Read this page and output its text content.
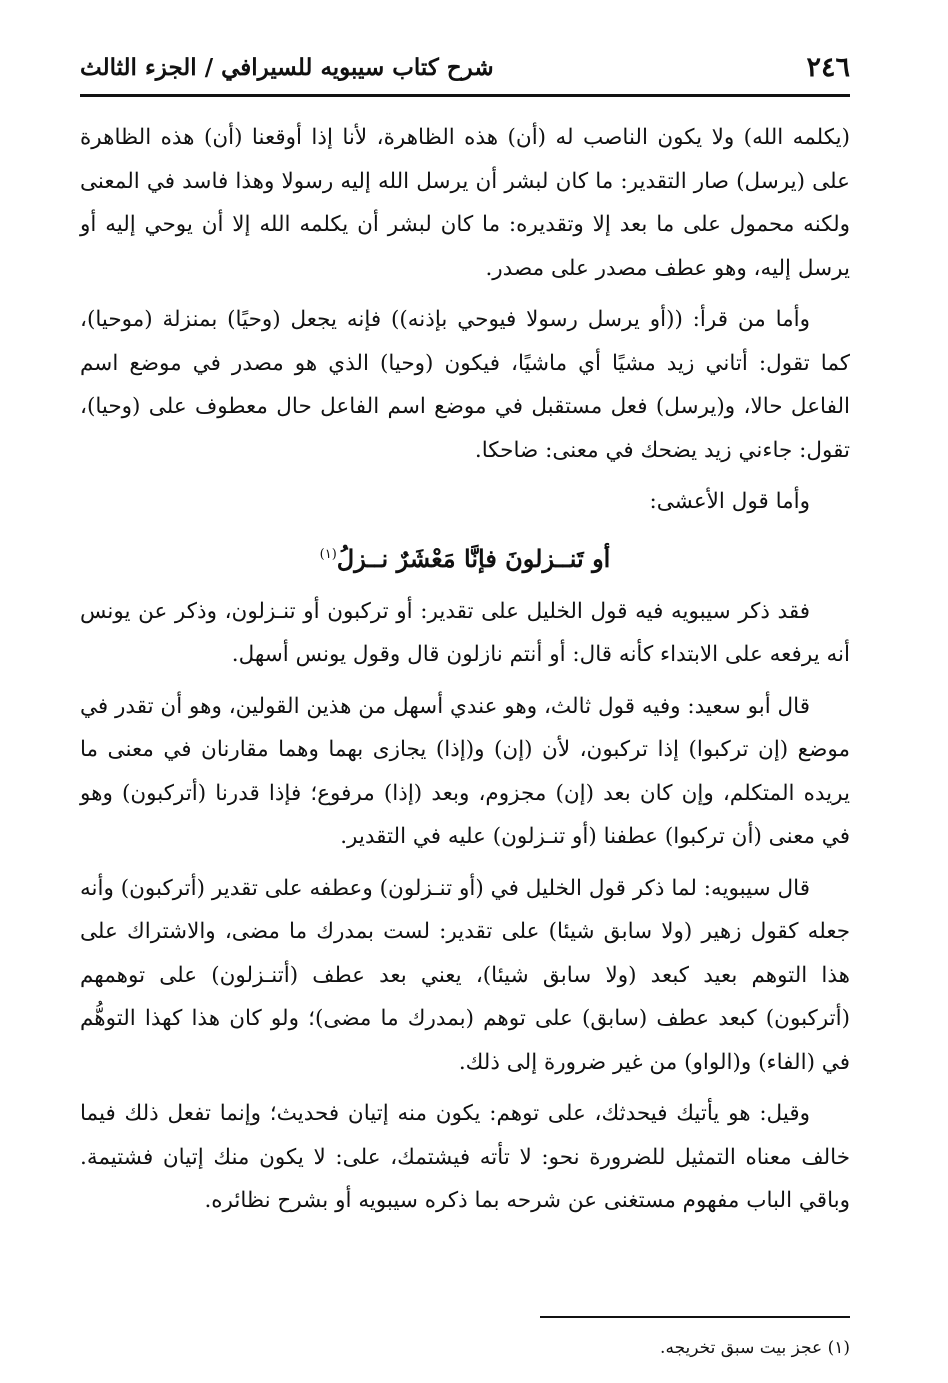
٢٤٦
شرح كتاب سيبويه للسيرافي / الجزء الثالث

(يكلمه الله) ولا يكون الناصب له (أن) هذه الظاهرة، لأنا إذا أوقعنا (أن) هذه الظاهرة على (يرسل) صار التقدير: ما كان لبشر أن يرسل الله إليه رسولا وهذا فاسد في المعنى ولكنه محمول على ما بعد إلا وتقديره: ما كان لبشر أن يكلمه الله إلا أن يوحي إليه أو يرسل إليه، وهو عطف مصدر على مصدر.

وأما من قرأ: ((أو يرسل رسولا فيوحي بإذنه)) فإنه يجعل (وحيًا) بمنزلة (موحيا)، كما تقول: أتاني زيد مشيًا أي ماشيًا، فيكون (وحيا) الذي هو مصدر في موضع اسم الفاعل حالا، و(يرسل) فعل مستقبل في موضع اسم الفاعل حال معطوف على (وحيا)، تقول: جاءني زيد يضحك في معنى: ضاحكا.

وأما قول الأعشى:

أو تَنــزلونَ فإنَّا مَعْشَرٌ نــزلُ$^{(١)}$

فقد ذكر سيبويه فيه قول الخليل على تقدير: أو تركبون أو تنـزلون، وذكر عن يونس أنه يرفعه على الابتداء كأنه قال: أو أنتم نازلون قال وقول يونس أسهل.

قال أبو سعيد: وفيه قول ثالث، وهو عندي أسهل من هذين القولين، وهو أن تقدر في موضع (إن تركبوا) إذا تركبون، لأن (إن) و(إذا) يجازى بهما وهما مقارنان في معنى ما يريده المتكلم، وإن كان بعد (إن) مجزوم، وبعد (إذا) مرفوع؛ فإذا قدرنا (أتركبون) وهو في معنى (أن تركبوا) عطفنا (أو تنـزلون) عليه في التقدير.

قال سيبويه: لما ذكر قول الخليل في (أو تنـزلون) وعطفه على تقدير (أتركبون) وأنه جعله كقول زهير (ولا سابق شيئا) على تقدير: لست بمدرك ما مضى، والاشتراك على هذا التوهم بعيد كبعد (ولا سابق شيئا)، يعني بعد عطف (أتنـزلون) على توهمهم (أتركبون) كبعد عطف (سابق) على توهم (بمدرك ما مضى)؛ ولو كان هذا كهذا التوهُّم في (الفاء) و(الواو) من غير ضرورة إلى ذلك.

وقيل: هو يأتيك فيحدثك، على توهم: يكون منه إتيان فحديث؛ وإنما تفعل ذلك فيما خالف معناه التمثيل للضرورة نحو: لا تأته فيشتمك، على: لا يكون منك إتيان فشتيمة. وباقي الباب مفهوم مستغنى عن شرحه بما ذكره سيبويه أو بشرح نظائره.

(١) عجز بيت سبق تخريجه.
